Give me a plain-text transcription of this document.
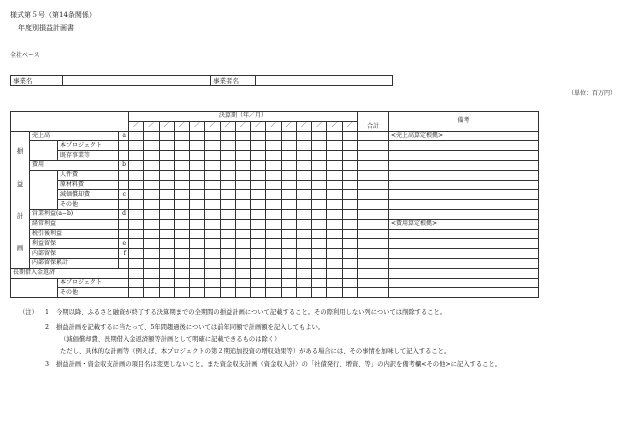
様式第５号（第14条関係）
年度別損益計画書
全社ベース
事業名		事業者名	
（単位：百万円）
				決算期（年／月）															合計	備考
				／	／	／	／	／	／	／	／	／	／	／	／	／	／	／		

損
益
計
画	売上高		a																	<売上高算定根拠>
		本プロジェクト																		
		既存事業等																		
	費用		b																	
		人件費																		
		原材料費																		
		減価償却費	c																	
		その他																		
	営業利益(a−b)		d																	
	経常利益																			<費用算定根拠>
	税引後利益																			
	利益留保		e																	
	内部留保		f																	
	内部留保累計																			
長期借入金返済																				
		本プロジェクト																		
		その他																		
（注） 1 今期以降、ふるさと融資が終了する決算期までの全期間の損益計画について記載すること。その際利用しない列については削除すること。
2 損益計画を記載するに当たって、5年間趨過後については前年同額で計画額を記入してもよい。
（減価償却費、長期借入金返済額等計画として明確に記載できるものは除く）
ただし、具体的な計画等（例えば、本プロジェクトの第２期追加投資の増収効果等）がある場合には、その事情を加味して記入すること。
3 損益計画・資金収支計画の項目名は変更しないこと。また資金収支計画（資金収入計）の「社債発行、増資、等」の内訳を備考欄<その他>に記入すること。
